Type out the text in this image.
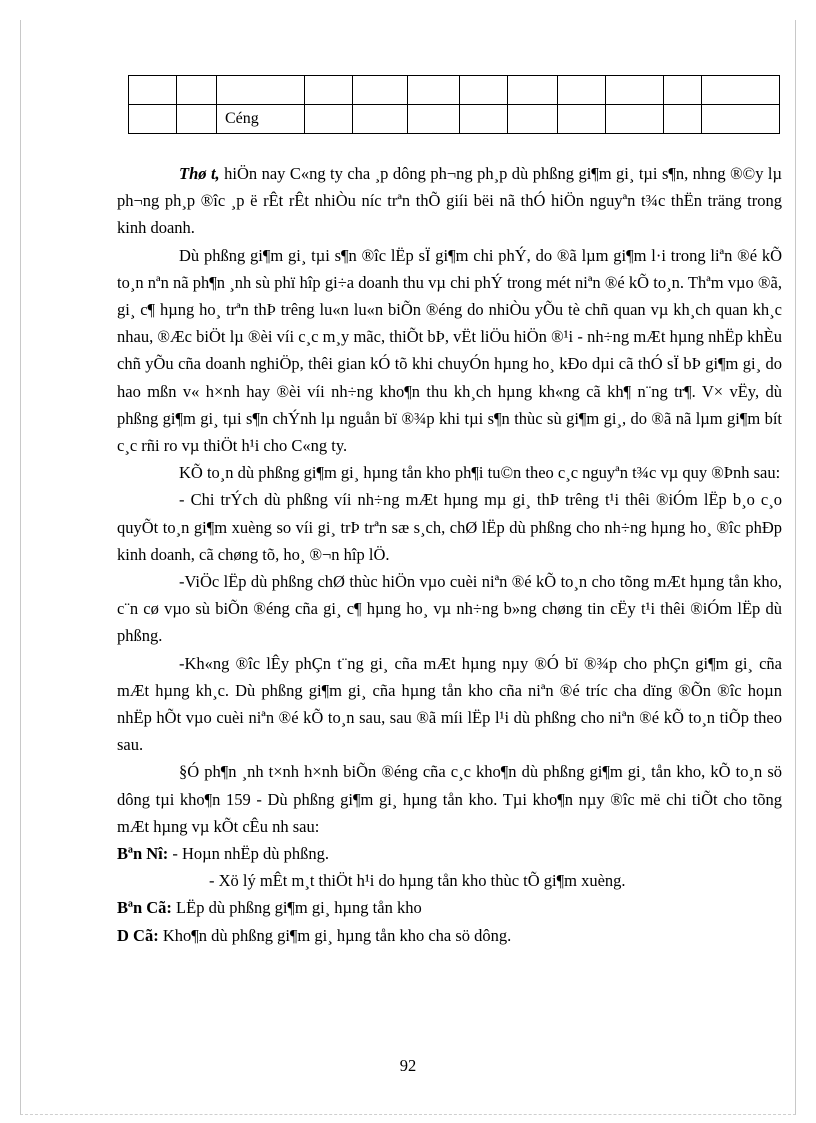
		Céng									

Thø t, hiÖn nay C«ng ty cha ¸p dông ph¬ng ph¸p dù phßng gi¶m gi¸ tµi s¶n, nhng ®©y lµ ph¬ng ph¸p ®îc ¸p ë rÊt rÊt nhiÒu níc trªn thÕ giíi bëi nã thÓ hiÖn nguyªn t¾c thËn träng trong kinh doanh.

Dù phßng gi¶m gi¸ tµi s¶n ®îc lËp sÏ gi¶m chi phÝ, do ®ã lµm gi¶m l·i trong liªn ®é kÕ to¸n nªn nã ph¶n ¸nh sù phï hîp gi÷a doanh thu vµ chi phÝ trong mét niªn ®é kÕ to¸n. Thªm vµo ®ã, gi¸ c¶ hµng ho¸ trªn thÞ trêng lu«n lu«n biÕn ®éng do nhiÒu yÕu tè chñ quan vµ kh¸ch quan kh¸c nhau, ®Æc biÖt lµ ®èi víi c¸c m¸y mãc, thiÕt bÞ, vËt liÖu hiÖn ®¹i - nh÷ng mÆt hµng nhËp khÈu chñ yÕu cña doanh nghiÖp, thêi gian kÓ tõ khi chuyÓn hµng ho¸ kÐo dµi cã thÓ sÏ bÞ gi¶m gi¸ do hao mßn v« h×nh hay ®èi víi nh÷ng kho¶n thu kh¸ch hµng kh«ng cã kh¶ n¨ng tr¶. V× vËy, dù phßng gi¶m gi¸ tµi s¶n chÝnh lµ nguån bï ®¾p khi tµi s¶n thùc sù gi¶m gi¸, do ®ã nã lµm gi¶m bít c¸c rñi ro vµ thiÖt h¹i cho C«ng ty.

KÕ to¸n dù phßng gi¶m gi¸ hµng tån kho ph¶i tu©n theo c¸c nguyªn t¾c vµ quy ®Þnh sau:

- Chi trÝch dù phßng víi nh÷ng mÆt hµng mµ gi¸ thÞ trêng t¹i thêi ®iÓm lËp b¸o c¸o quyÕt to¸n gi¶m xuèng so víi gi¸ trÞ trªn sæ s¸ch, chØ lËp dù phßng cho nh÷ng hµng ho¸ ®îc phÐp kinh doanh, cã chøng tõ, ho¸ ®¬n hîp lÖ.

-ViÖc lËp dù phßng chØ thùc hiÖn vµo cuèi niªn ®é kÕ to¸n cho tõng mÆt hµng tån kho, c¨n cø vµo sù biÕn ®éng cña gi¸ c¶ hµng ho¸ vµ nh÷ng b»ng chøng tin cËy t¹i thêi ®iÓm lËp dù phßng.

-Kh«ng ®îc lÊy phÇn t¨ng gi¸ cña mÆt hµng nµy ®Ó bï ®¾p cho phÇn gi¶m gi¸ cña mÆt hµng kh¸c. Dù phßng gi¶m gi¸ cña hµng tån kho cña niªn ®é tríc cha dïng ®Õn ®îc hoµn nhËp hÕt vµo cuèi niªn ®é kÕ to¸n sau, sau ®ã míi lËp l¹i dù phßng cho niªn ®é kÕ to¸n tiÕp theo sau.

§Ó ph¶n ¸nh t×nh h×nh biÕn ®éng cña c¸c kho¶n dù phßng gi¶m gi¸ tån kho, kÕ to¸n sö dông tµi kho¶n 159 - Dù phßng gi¶m gi¸ hµng tån kho. Tµi kho¶n nµy ®îc më chi tiÕt cho tõng mÆt hµng vµ kÕt cÊu nh sau:

Bªn Nî: - Hoµn nhËp dù phßng.

- Xö lý mÊt m¸t thiÖt h¹i do hµng tån kho thùc tÕ gi¶m xuèng.

Bªn Cã: LËp dù phßng gi¶m gi¸ hµng tån kho

D Cã: Kho¶n dù phßng gi¶m gi¸ hµng tån kho cha sö dông.

92
